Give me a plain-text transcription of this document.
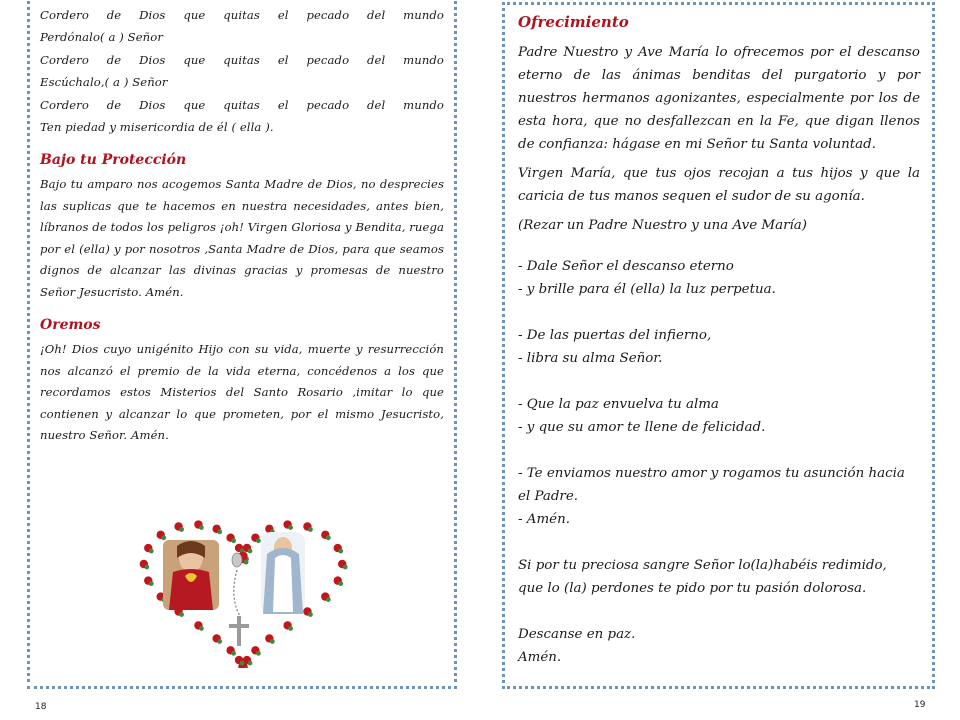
Cordero de Dios que quitas el pecado del mundo
Perdónalo( a ) Señor
Cordero de Dios que quitas el pecado del mundo
Escúchalo,( a ) Señor
Cordero de Dios que quitas el pecado del mundo
Ten piedad y misericordia de él ( ella ).
Bajo tu Protección

Bajo tu amparo nos acogemos Santa Madre de Dios, no desprecies las suplicas que te hacemos en nuestra necesidades, antes bien, líbranos de todos los peligros ¡oh! Virgen Gloriosa y Bendita, ruega por el (ella) y por nosotros ,Santa Madre de Dios, para que seamos dignos de alcanzar las divinas gracias y promesas de nuestro Señor Jesucristo. Amén.

Oremos

¡Oh! Dios cuyo unigénito Hijo con su vida, muerte y resurrección nos alcanzó el premio de la vida eterna, concédenos a los que recordamos estos Misterios del Santo Rosario ,imitar lo que contienen y alcanzar lo que prometen, por el mismo Jesucristo, nuestro Señor. Amén.

Ofrecimiento

Padre Nuestro y Ave María lo ofrecemos por el descanso eterno de las ánimas benditas del purgatorio y por nuestros hermanos agonizantes, especialmente por los de esta hora, que no desfallezcan en la Fe, que digan llenos de confianza: hágase en mi Señor tu Santa voluntad.

Virgen María, que tus ojos recojan a tus hijos y que la caricia de tus manos sequen el sudor de su agonía.

(Rezar un Padre Nuestro y una Ave María)

- Dale Señor el descanso eterno
- y brille para él (ella) la luz perpetua.
- De las puertas del infierno,
- libra su alma Señor.
- Que la paz envuelva tu alma
- y que su amor te llene de felicidad.
- Te enviamos nuestro amor y rogamos tu asunción hacia
el Padre.
- Amén.
Si por tu preciosa sangre Señor lo(la)habéis redimido,
que lo (la) perdones te pido por tu pasión dolorosa.
Descanse en paz.
Amén.
18	19
